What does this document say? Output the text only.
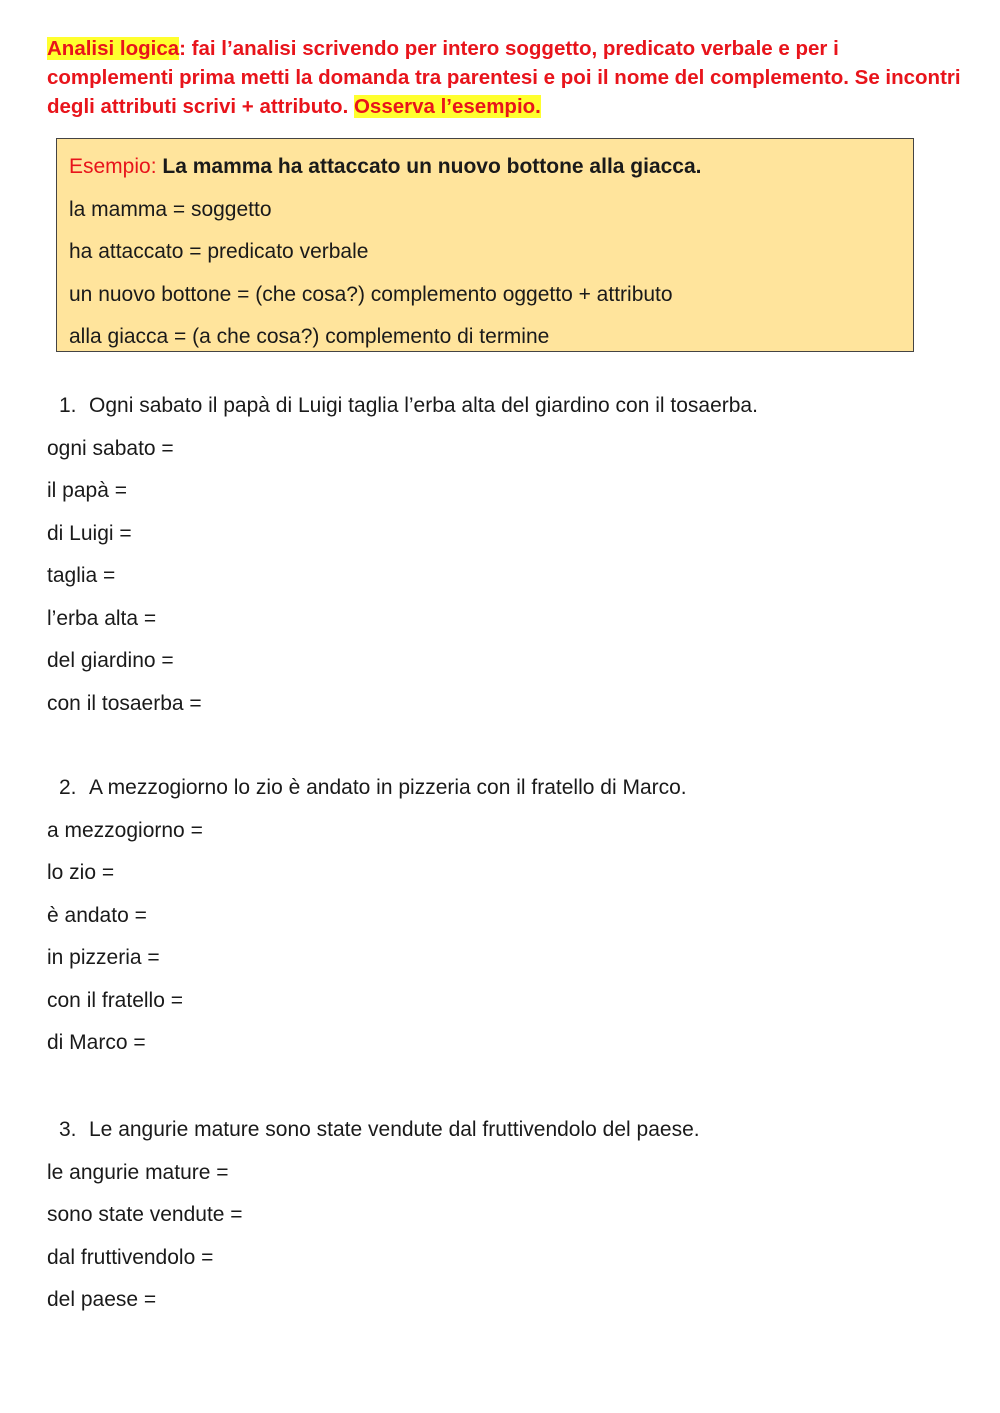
Analisi logica: fai l’analisi scrivendo per intero soggetto, predicato verbale e per i complementi prima metti la domanda tra parentesi e poi il nome del complemento. Se incontri degli attributi scrivi + attributo. Osserva l’esempio.
Esempio: La mamma ha attaccato un nuovo bottone alla giacca.
la mamma = soggetto
ha attaccato = predicato verbale
un nuovo bottone = (che cosa?) complemento oggetto + attributo
alla giacca = (a che cosa?) complemento di termine
1. Ogni sabato il papà di Luigi taglia l’erba alta del giardino con il tosaerba.
ogni sabato =
il papà =
di Luigi =
taglia =
l’erba alta =
del giardino =
con il tosaerba =
2. A mezzogiorno lo zio è andato in pizzeria con il fratello di Marco.
a mezzogiorno =
lo zio =
è andato =
in pizzeria =
con il fratello =
di Marco =
3. Le angurie mature sono state vendute dal fruttivendolo del paese.
le angurie mature =
sono state vendute =
dal fruttivendolo =
del paese =
